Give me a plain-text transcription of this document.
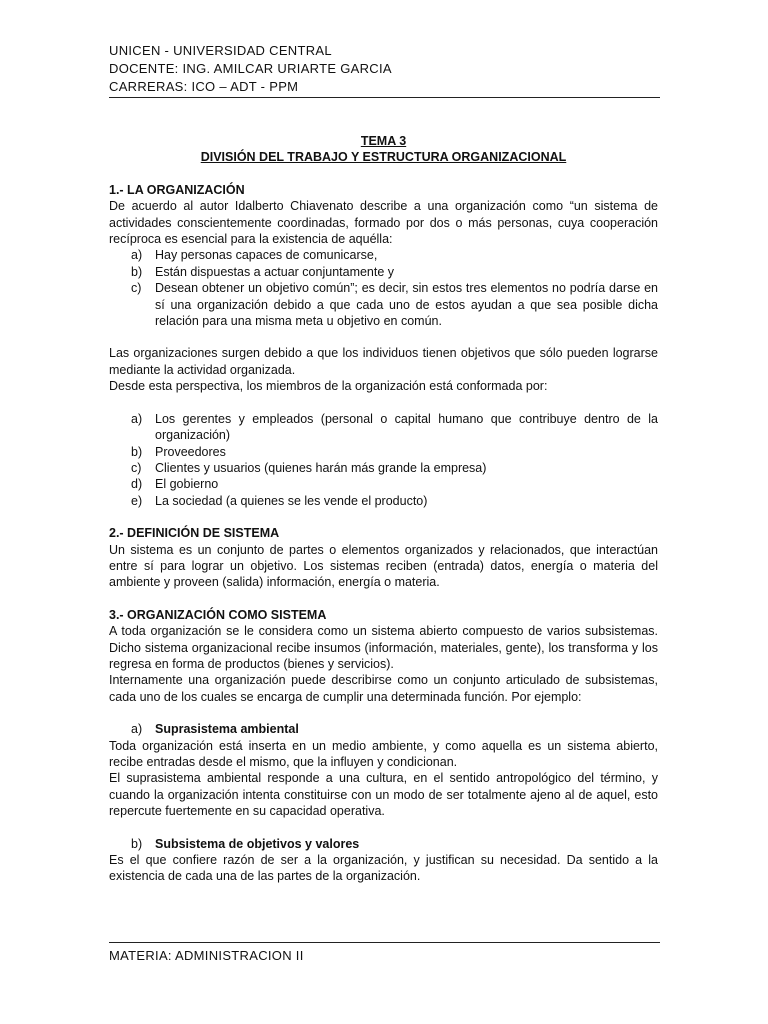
UNICEN - UNIVERSIDAD CENTRAL
DOCENTE: ING. AMILCAR URIARTE GARCIA
CARRERAS: ICO – ADT - PPM
TEMA 3
DIVISIÓN DEL TRABAJO Y ESTRUCTURA ORGANIZACIONAL
1.- LA ORGANIZACIÓN
De acuerdo al autor Idalberto Chiavenato describe a una organización como “un sistema de actividades conscientemente coordinadas, formado por dos o más personas, cuya cooperación recíproca es esencial para la existencia de aquélla:
a)	Hay personas capaces de comunicarse,
b)	Están dispuestas a actuar conjuntamente y
c)	Desean obtener un objetivo común”; es decir, sin estos tres elementos no podría darse en sí una organización debido a que cada uno de estos ayudan a que sea posible dicha relación para una misma meta u objetivo en común.
Las organizaciones surgen debido a que los individuos tienen objetivos que sólo pueden lograrse mediante la actividad organizada.
Desde esta perspectiva, los miembros de la organización está conformada por:
a)	Los gerentes y empleados (personal o capital humano que contribuye dentro de la organización)
b)	Proveedores
c)	Clientes y usuarios (quienes harán más grande la empresa)
d)	El gobierno
e)	La sociedad (a quienes se les vende el producto)
2.- DEFINICIÓN DE SISTEMA
Un sistema es un conjunto de partes o elementos organizados y relacionados, que interactúan entre sí para lograr un objetivo. Los sistemas reciben (entrada) datos, energía o materia del ambiente y proveen (salida) información, energía o materia.
3.- ORGANIZACIÓN COMO SISTEMA
A toda organización se le considera como un sistema abierto compuesto de varios subsistemas. Dicho sistema organizacional recibe insumos (información, materiales, gente), los transforma y los regresa en forma de productos (bienes y servicios).
Internamente una organización puede describirse como un conjunto articulado de subsistemas, cada uno de los cuales se encarga de cumplir una determinada función. Por ejemplo:
a)	Suprasistema ambiental
Toda organización está inserta en un medio ambiente, y como aquella es un sistema abierto, recibe entradas desde el mismo, que la influyen y condicionan.
El suprasistema ambiental responde a una cultura, en el sentido antropológico del término, y cuando la organización intenta constituirse con un modo de ser totalmente ajeno al de aquel, esto repercute fuertemente en su capacidad operativa.
b)	Subsistema de objetivos y valores
Es el que confiere razón de ser a la organización, y justifican su necesidad. Da sentido a la existencia de cada una de las partes de la organización.
MATERIA: ADMINISTRACION II
